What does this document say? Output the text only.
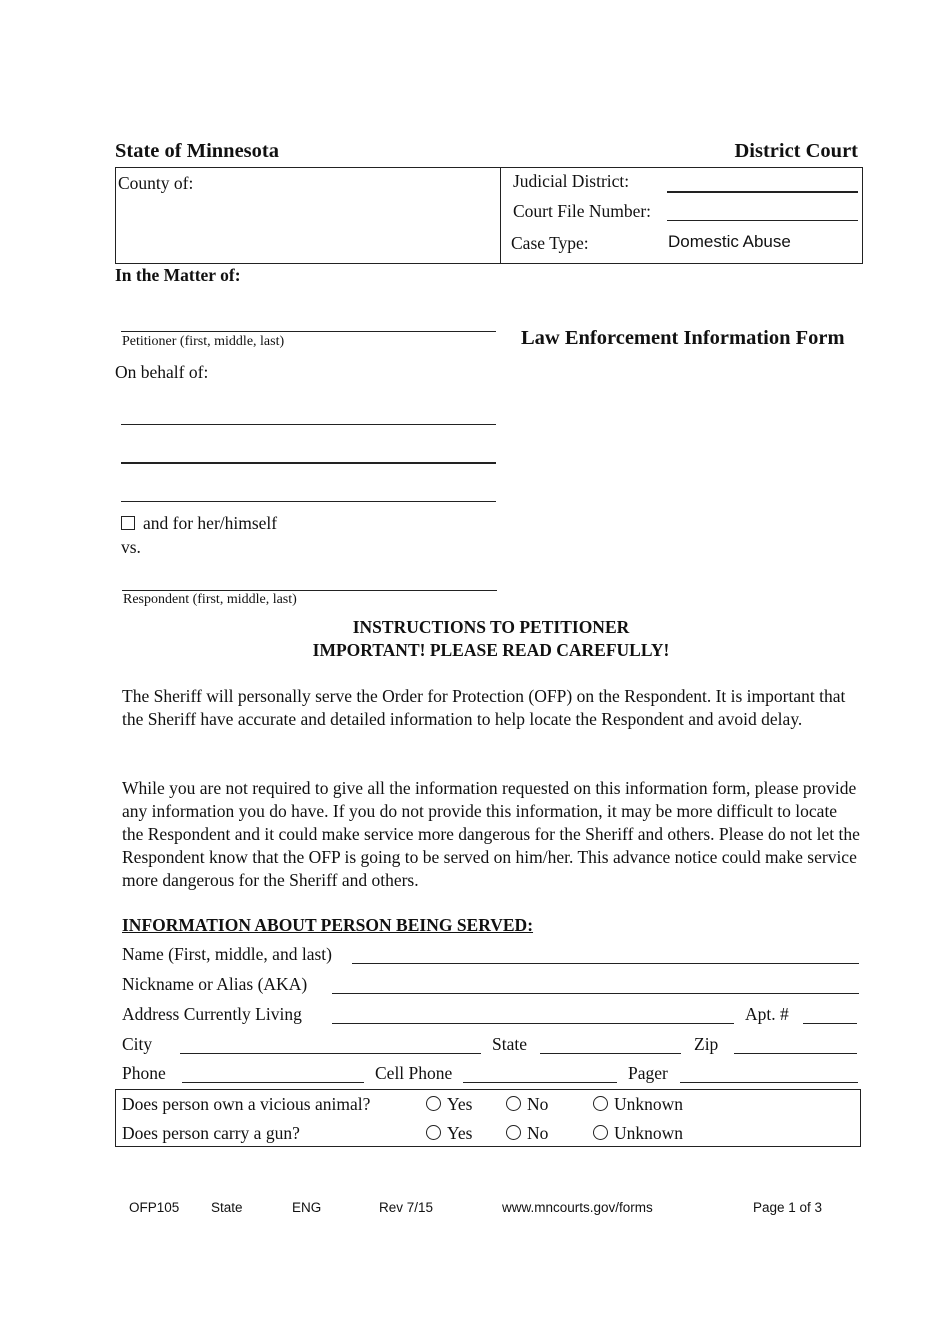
State of Minnesota	District Court
County of:	Judicial District:
Court File Number:
Case Type:	Domestic Abuse
In the Matter of:
Petitioner (first, middle, last)	Law Enforcement Information Form
On behalf of:
and for her/himself
vs.
Respondent (first, middle, last)
INSTRUCTIONS TO PETITIONER
IMPORTANT! PLEASE READ CAREFULLY!

The Sheriff will personally serve the Order for Protection (OFP) on the Respondent. It is important that the Sheriff have accurate and detailed information to help locate the Respondent and avoid delay.

While you are not required to give all the information requested on this information form, please provide any information you do have. If you do not provide this information, it may be more difficult to locate the Respondent and it could make service more dangerous for the Sheriff and others. Please do not let the Respondent know that the OFP is going to be served on him/her. This advance notice could make service more dangerous for the Sheriff and others.

INFORMATION ABOUT PERSON BEING SERVED:
Name (First, middle, and last)
Nickname or Alias (AKA)
Address Currently Living	Apt. #
City	State	Zip
Phone	Cell Phone	Pager
Does person own a vicious animal?	Yes	No	Unknown
Does person carry a gun?	Yes	No	Unknown
OFP105 State	ENG	Rev 7/15	www.mncourts.gov/forms	Page 1 of 3
